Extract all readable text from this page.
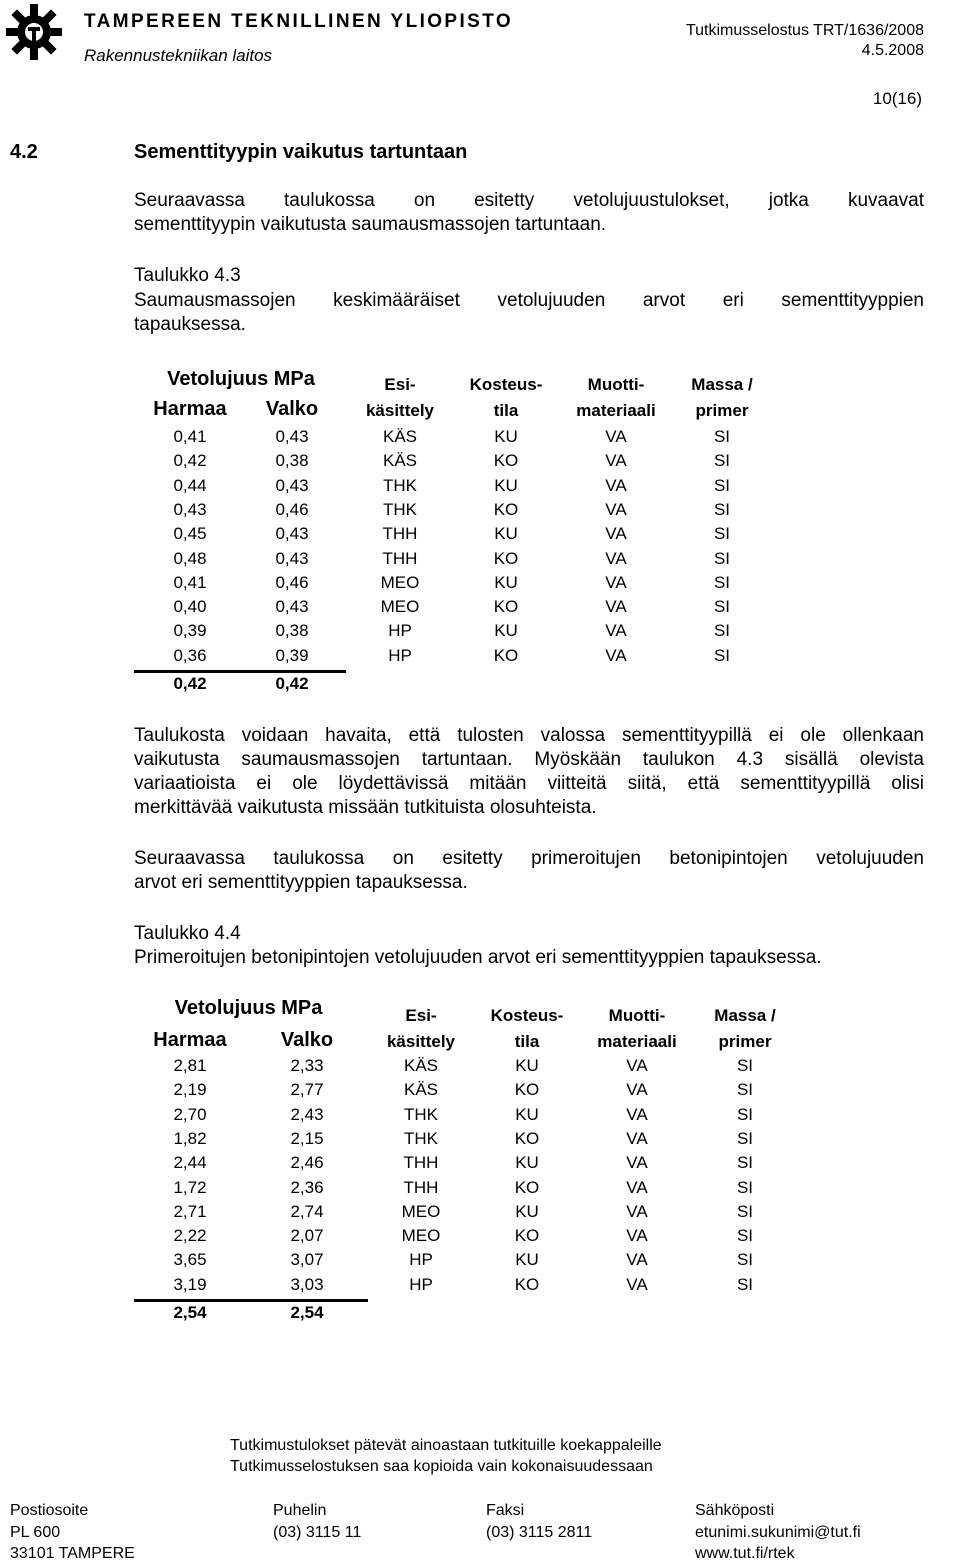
TAMPEREEN TEKNILLINEN YLIOPISTO
Rakennustekniikan laitos
Tutkimusselostus TRT/1636/2008
4.5.2008
10(16)
4.2	Sementtityypin vaikutus tartuntaan
Seuraavassa taulukossa on esitetty vetolujuustulokset, jotka kuvaavat
sementtityypin vaikutusta saumausmassojen tartuntaan.
Taulukko 4.3
Saumausmassojen keskimääräiset vetolujuuden arvot eri sementtityyppien
tapauksessa.
Vetolujuus MPa
Harmaa	Valko
Esi-
käsittely
Kosteus-
tila
Muotti-
materiaali
Massa /
primer
0,41	0,43	KÄS	KU	VA	SI
0,42	0,38	KÄS	KO	VA	SI
0,44	0,43	THK	KU	VA	SI
0,43	0,46	THK	KO	VA	SI
0,45	0,43	THH	KU	VA	SI
0,48	0,43	THH	KO	VA	SI
0,41	0,46	MEO	KU	VA	SI
0,40	0,43	MEO	KO	VA	SI
0,39	0,38	HP	KU	VA	SI
0,36	0,39	HP	KO	VA	SI
0,42	0,42
Taulukosta voidaan havaita, että tulosten valossa sementtityypillä ei ole ollenkaan
vaikutusta saumausmassojen tartuntaan. Myöskään taulukon 4.3 sisällä olevista
variaatioista ei ole löydettävissä mitään viitteitä siitä, että sementtityypillä olisi
merkittävää vaikutusta missään tutkituista olosuhteista.
Seuraavassa taulukossa on esitetty primeroitujen betonipintojen vetolujuuden
arvot eri sementtityyppien tapauksessa.
Taulukko 4.4
Primeroitujen betonipintojen vetolujuuden arvot eri sementtityyppien tapauksessa.
Vetolujuus MPa
Harmaa	Valko
Esi-
käsittely
Kosteus-
tila
Muotti-
materiaali
Massa /
primer
2,81	2,33	KÄS	KU	VA	SI
2,19	2,77	KÄS	KO	VA	SI
2,70	2,43	THK	KU	VA	SI
1,82	2,15	THK	KO	VA	SI
2,44	2,46	THH	KU	VA	SI
1,72	2,36	THH	KO	VA	SI
2,71	2,74	MEO	KU	VA	SI
2,22	2,07	MEO	KO	VA	SI
3,65	3,07	HP	KU	VA	SI
3,19	3,03	HP	KO	VA	SI
2,54	2,54
Tutkimustulokset pätevät ainoastaan tutkituille koekappaleille
Tutkimusselostuksen saa kopioida vain kokonaisuudessaan
Postiosoite
PL 600
33101 TAMPERE
Puhelin
(03) 3115 11
Faksi
(03) 3115 2811
Sähköposti
etunimi.sukunimi@tut.fi
www.tut.fi/rtek
